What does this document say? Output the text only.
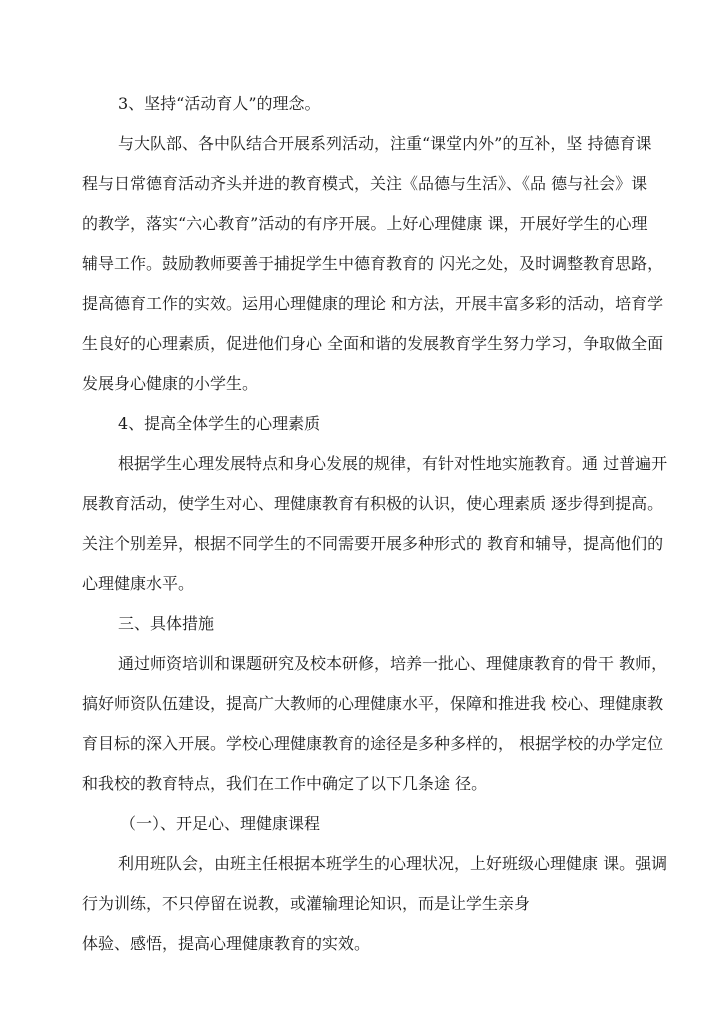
3、坚持“活动育人”的理念。
与大队部、各中队结合开展系列活动，注重“课堂内外”的互补，坚 持德育课
程与日常德育活动齐头并进的教育模式，关注《品德与生活》、《品 德与社会》课
的教学，落实“六心教育”活动的有序开展。上好心理健康 课，开展好学生的心理
辅导工作。鼓励教师要善于捕捉学生中德育教育的 闪光之处，及时调整教育思路，
提高德育工作的实效。运用心理健康的理论 和方法，开展丰富多彩的活动，培育学
生良好的心理素质，促进他们身心 全面和谐的发展教育学生努力学习，争取做全面
发展身心健康的小学生。
4、提高全体学生的心理素质
根据学生心理发展特点和身心发展的规律，有针对性地实施教育。通 过普遍开
展教育活动，使学生对心、理健康教育有积极的认识，使心理素质 逐步得到提高。
关注个别差异，根据不同学生的不同需要开展多种形式的 教育和辅导，提高他们的
心理健康水平。
三、具体措施
通过师资培训和课题研究及校本研修，培养一批心、理健康教育的骨干 教师，
搞好师资队伍建设，提高广大教师的心理健康水平，保障和推进我 校心、理健康教
育目标的深入开展。学校心理健康教育的途径是多种多样的， 根据学校的办学定位
和我校的教育特点，我们在工作中确定了以下几条途 径。
（一）、开足心、理健康课程
利用班队会，由班主任根据本班学生的心理状况，上好班级心理健康 课。强调
行为训练，不只停留在说教，或灌输理论知识，而是让学生亲身
体验、感悟，提高心理健康教育的实效。
